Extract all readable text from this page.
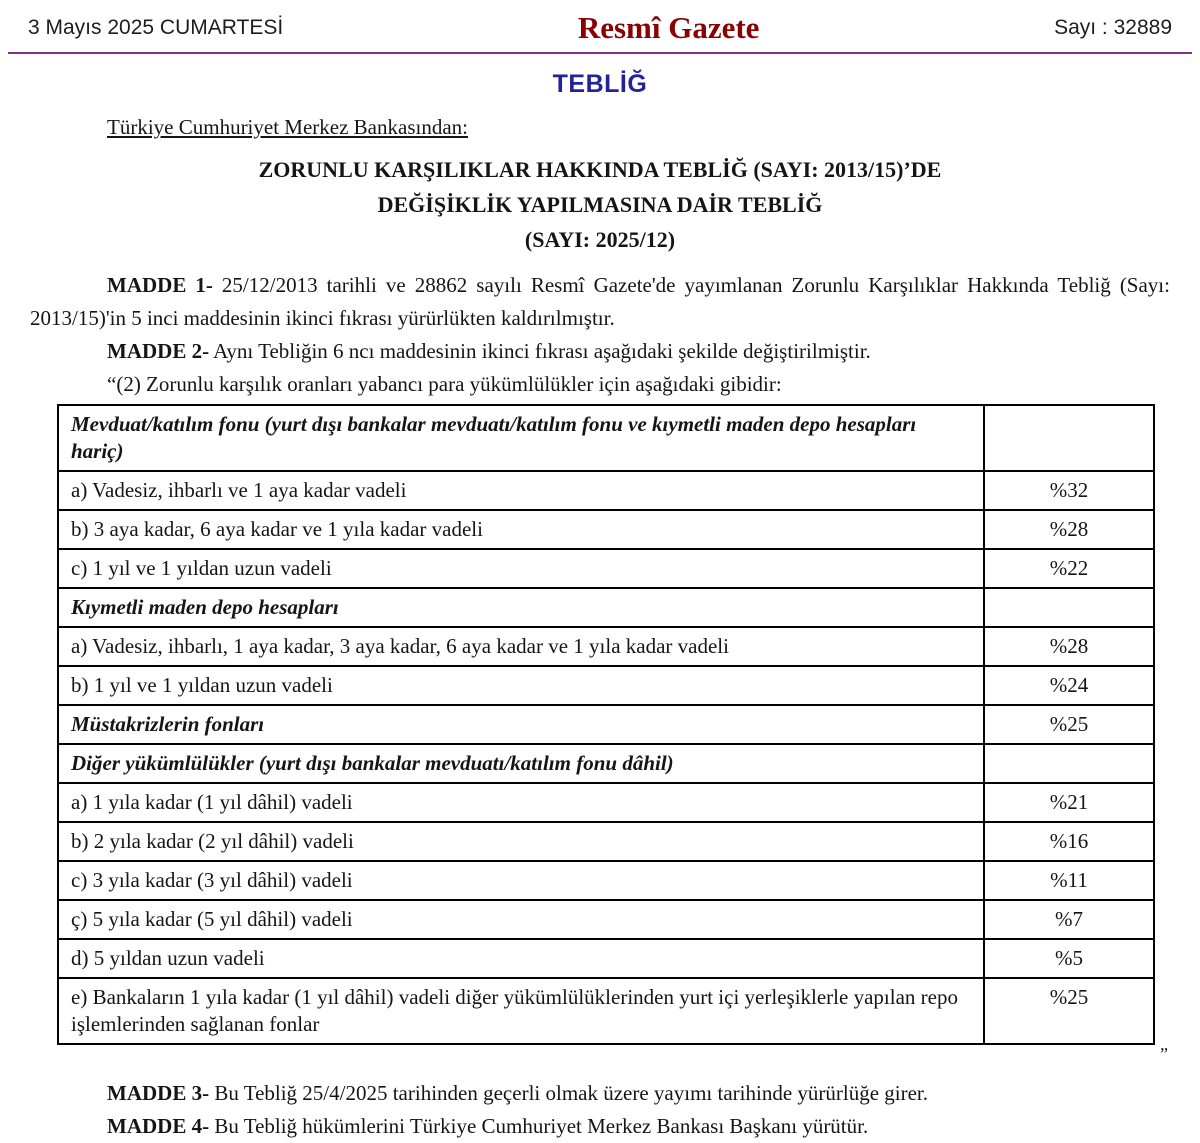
3 Mayıs 2025 CUMARTESİ	Resmî Gazete	Sayı : 32889
TEBLİĞ

Türkiye Cumhuriyet Merkez Bankasından:

ZORUNLU KARŞILIKLAR HAKKINDA TEBLİĞ (SAYI: 2013/15)’DE
DEĞİŞİKLİK YAPILMASINA DAİR TEBLİĞ
(SAYI: 2025/12)

MADDE 1- 25/12/2013 tarihli ve 28862 sayılı Resmî Gazete'de yayımlanan Zorunlu Karşılıklar Hakkında Tebliğ (Sayı: 2013/15)'in 5 inci maddesinin ikinci fıkrası yürürlükten kaldırılmıştır.

MADDE 2- Aynı Tebliğin 6 ncı maddesinin ikinci fıkrası aşağıdaki şekilde değiştirilmiştir.

“(2) Zorunlu karşılık oranları yabancı para yükümlülükler için aşağıdaki gibidir:

Mevduat/katılım fonu (yurt dışı bankalar mevduatı/katılım fonu ve kıymetli maden depo hesapları hariç)	
a) Vadesiz, ihbarlı ve 1 aya kadar vadeli	%32
b) 3 aya kadar, 6 aya kadar ve 1 yıla kadar vadeli	%28
c) 1 yıl ve 1 yıldan uzun vadeli	%22
Kıymetli maden depo hesapları	
a) Vadesiz, ihbarlı, 1 aya kadar, 3 aya kadar, 6 aya kadar ve 1 yıla kadar vadeli	%28
b) 1 yıl ve 1 yıldan uzun vadeli	%24
Müstakrizlerin fonları	%25
Diğer yükümlülükler (yurt dışı bankalar mevduatı/katılım fonu dâhil)	
a) 1 yıla kadar (1 yıl dâhil) vadeli	%21
b) 2 yıla kadar (2 yıl dâhil) vadeli	%16
c) 3 yıla kadar (3 yıl dâhil) vadeli	%11
ç) 5 yıla kadar (5 yıl dâhil) vadeli	%7
d) 5 yıldan uzun vadeli	%5
e) Bankaların 1 yıla kadar (1 yıl dâhil) vadeli diğer yükümlülüklerinden yurt içi yerleşiklerle yapılan repo işlemlerinden sağlanan fonlar	%25
”

MADDE 3- Bu Tebliğ 25/4/2025 tarihinden geçerli olmak üzere yayımı tarihinde yürürlüğe girer.

MADDE 4- Bu Tebliğ hükümlerini Türkiye Cumhuriyet Merkez Bankası Başkanı yürütür.
